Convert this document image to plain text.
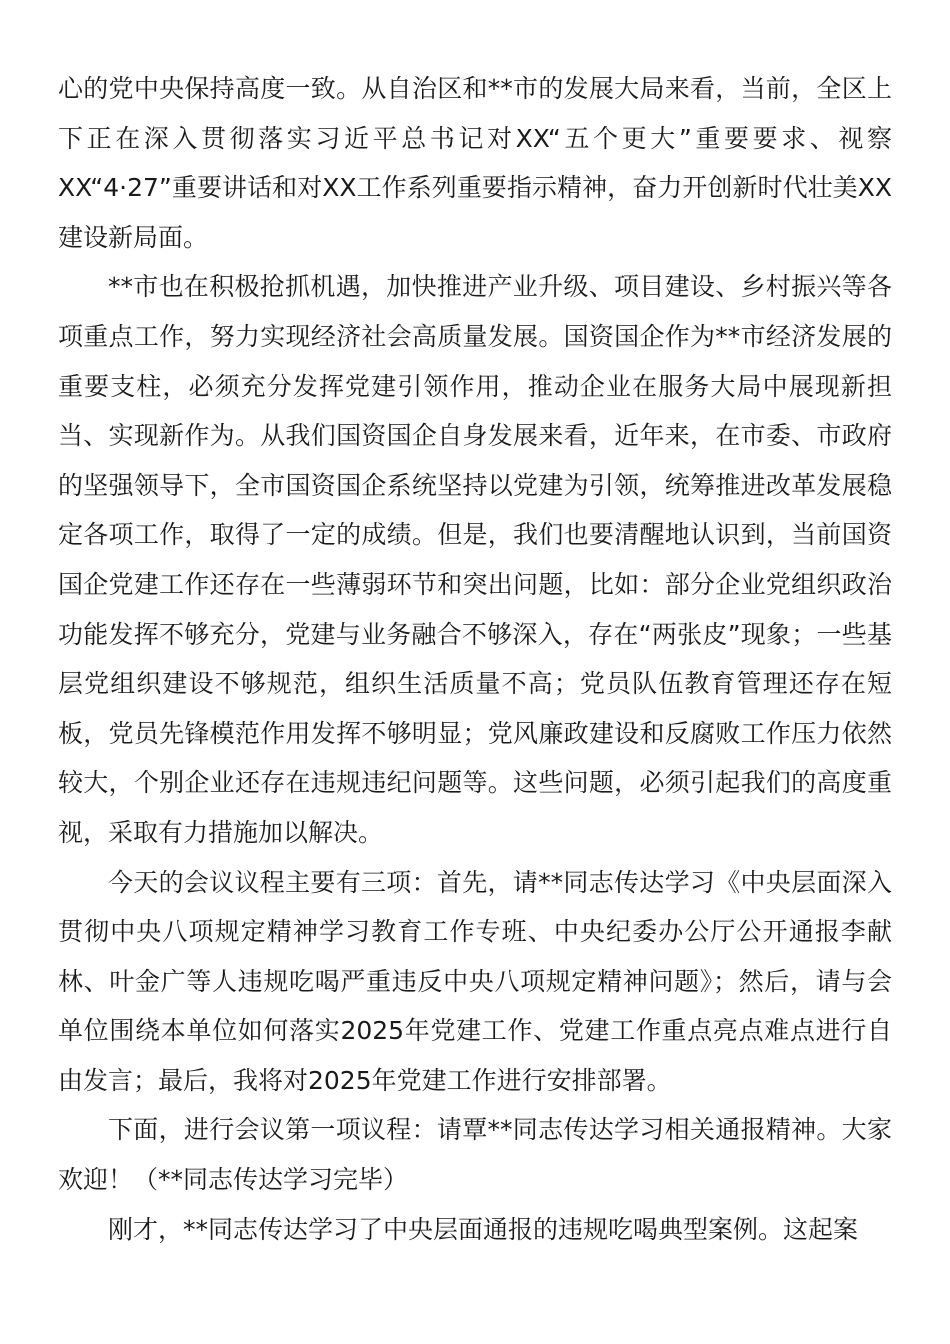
心的党中央保持高度一致。从自治区和**市的发展大局来看，当前，全区上下正在深入贯彻落实习近平总书记对XX“五个更大”重要要求、视察XX“4·27”重要讲话和对XX工作系列重要指示精神，奋力开创新时代壮美XX建设新局面。

**市也在积极抢抓机遇，加快推进产业升级、项目建设、乡村振兴等各项重点工作，努力实现经济社会高质量发展。国资国企作为**市经济发展的重要支柱，必须充分发挥党建引领作用，推动企业在服务大局中展现新担当、实现新作为。从我们国资国企自身发展来看，近年来，在市委、市政府的坚强领导下，全市国资国企系统坚持以党建为引领，统筹推进改革发展稳定各项工作，取得了一定的成绩。但是，我们也要清醒地认识到，当前国资国企党建工作还存在一些薄弱环节和突出问题，比如：部分企业党组织政治功能发挥不够充分，党建与业务融合不够深入，存在“两张皮”现象；一些基层党组织建设不够规范，组织生活质量不高；党员队伍教育管理还存在短板，党员先锋模范作用发挥不够明显；党风廉政建设和反腐败工作压力依然较大，个别企业还存在违规违纪问题等。这些问题，必须引起我们的高度重视，采取有力措施加以解决。

今天的会议议程主要有三项：首先，请**同志传达学习《中央层面深入贯彻中央八项规定精神学习教育工作专班、中央纪委办公厅公开通报李献林、叶金广等人违规吃喝严重违反中央八项规定精神问题》；然后，请与会单位围绕本单位如何落实2025年党建工作、党建工作重点亮点难点进行自由发言；最后，我将对2025年党建工作进行安排部署。

下面，进行会议第一项议程：请覃**同志传达学习相关通报精神。大家欢迎！（**同志传达学习完毕）

刚才，**同志传达学习了中央层面通报的违规吃喝典型案例。这起案
